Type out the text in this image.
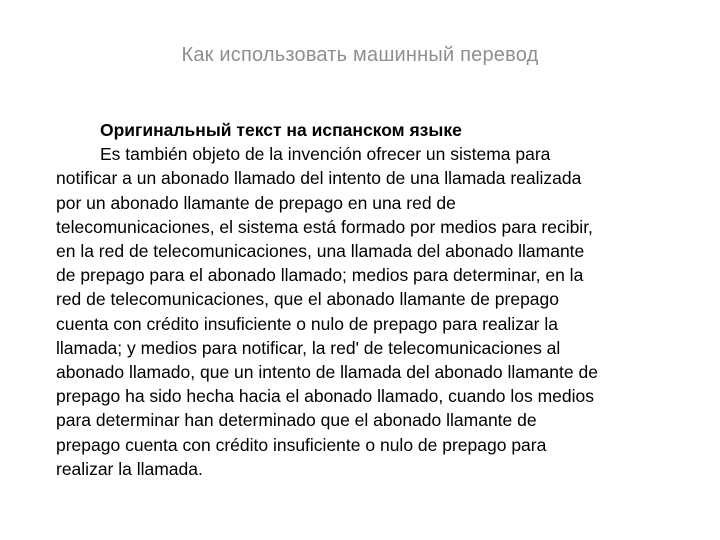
Как использовать машинный перевод
Оригинальный текст на испанском языке
Es también objeto de la invención ofrecer un sistema para
notificar a un abonado llamado del intento de una llamada realizada
por un abonado llamante de prepago en una red de
telecomunicaciones, el sistema está formado por medios para recibir,
en la red de telecomunicaciones, una llamada del abonado llamante
de prepago para el abonado llamado; medios para determinar, en la
red de telecomunicaciones, que el abonado llamante de prepago
cuenta con crédito insuficiente o nulo de prepago para realizar la
llamada; y medios para notificar, la red' de telecomunicaciones al
abonado llamado, que un intento de llamada del abonado llamante de
prepago ha sido hecha hacia el abonado llamado, cuando los medios
para determinar han determinado que el abonado llamante de
prepago cuenta con crédito insuficiente o nulo de prepago para
realizar la llamada.
